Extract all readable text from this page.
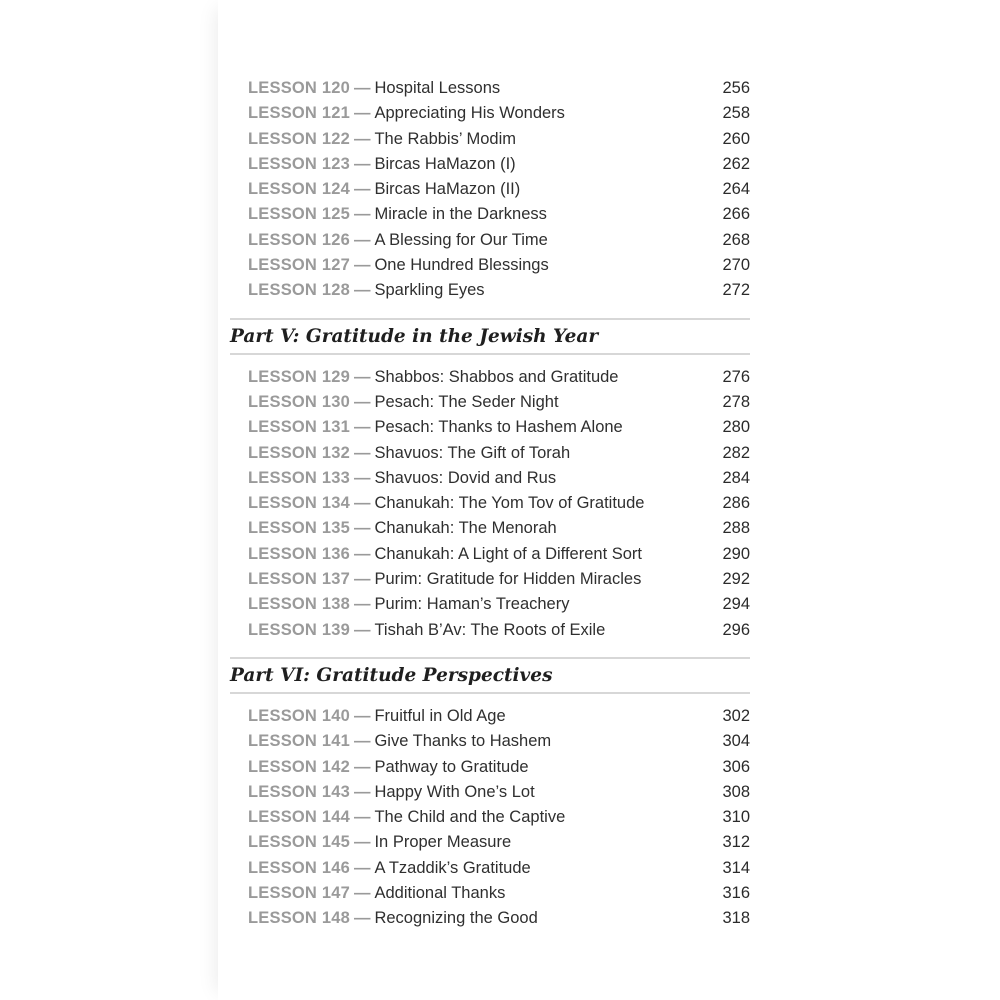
LESSON 120 — Hospital Lessons	256
LESSON 121 — Appreciating His Wonders	258
LESSON 122 — The Rabbis’ Modim	260
LESSON 123 — Bircas HaMazon (I)	262
LESSON 124 — Bircas HaMazon (II)	264
LESSON 125 — Miracle in the Darkness	266
LESSON 126 — A Blessing for Our Time	268
LESSON 127 — One Hundred Blessings	270
LESSON 128 — Sparkling Eyes	272
Part V: Gratitude in the Jewish Year
LESSON 129 — Shabbos: Shabbos and Gratitude	276
LESSON 130 — Pesach: The Seder Night	278
LESSON 131 — Pesach: Thanks to Hashem Alone	280
LESSON 132 — Shavuos: The Gift of Torah	282
LESSON 133 — Shavuos: Dovid and Rus	284
LESSON 134 — Chanukah: The Yom Tov of Gratitude	286
LESSON 135 — Chanukah: The Menorah	288
LESSON 136 — Chanukah: A Light of a Different Sort	290
LESSON 137 — Purim: Gratitude for Hidden Miracles	292
LESSON 138 — Purim: Haman’s Treachery	294
LESSON 139 — Tishah B’Av: The Roots of Exile	296
Part VI: Gratitude Perspectives
LESSON 140 — Fruitful in Old Age	302
LESSON 141 — Give Thanks to Hashem	304
LESSON 142 — Pathway to Gratitude	306
LESSON 143 — Happy With One’s Lot	308
LESSON 144 — The Child and the Captive	310
LESSON 145 — In Proper Measure	312
LESSON 146 — A Tzaddik’s Gratitude	314
LESSON 147 — Additional Thanks	316
LESSON 148 — Recognizing the Good	318
